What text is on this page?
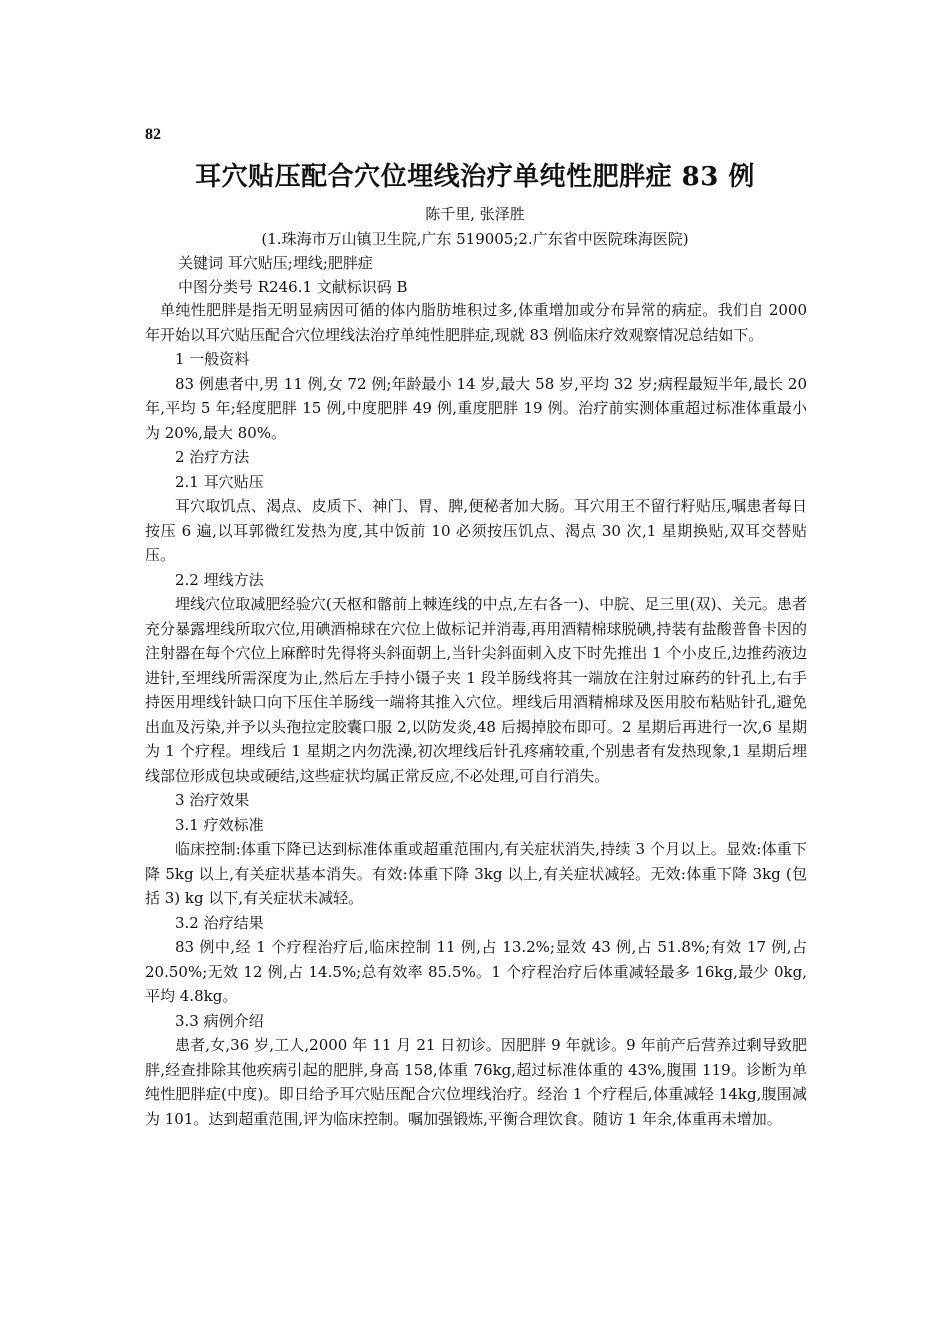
82
耳穴贴压配合穴位埋线治疗单纯性肥胖症 83 例
陈千里, 张泽胜
(1.珠海市万山镇卫生院,广东 519005;2.广东省中医院珠海医院)
关键词 耳穴贴压;埋线;肥胖症
中图分类号 R246.1 文献标识码 B

单纯性肥胖是指无明显病因可循的体内脂肪堆积过多,体重增加或分布异常的病症。我们自 2000 年开始以耳穴贴压配合穴位埋线法治疗单纯性肥胖症,现就 83 例临床疗效观察情况总结如下。

1 一般资料

83 例患者中,男 11 例,女 72 例;年龄最小 14 岁,最大 58 岁,平均 32 岁;病程最短半年,最长 20 年,平均 5 年;轻度肥胖 15 例,中度肥胖 49 例,重度肥胖 19 例。治疗前实测体重超过标准体重最小为 20%,最大 80%。

2 治疗方法

2.1 耳穴贴压

耳穴取饥点、渴点、皮质下、神门、胃、脾,便秘者加大肠。耳穴用王不留行籽贴压,嘱患者每日按压 6 遍,以耳郭微红发热为度,其中饭前 10 必须按压饥点、渴点 30 次,1 星期换贴,双耳交替贴压。

2.2 埋线方法

埋线穴位取减肥经验穴(天枢和髂前上棘连线的中点,左右各一)、中脘、足三里(双)、关元。患者充分暴露埋线所取穴位,用碘酒棉球在穴位上做标记并消毒,再用酒精棉球脱碘,持装有盐酸普鲁卡因的注射器在每个穴位上麻醉时先得将头斜面朝上,当针尖斜面刺入皮下时先推出 1 个小皮丘,边推药液边进针,至埋线所需深度为止,然后左手持小镊子夹 1 段羊肠线将其一端放在注射过麻药的针孔上,右手持医用埋线针缺口向下压住羊肠线一端将其推入穴位。埋线后用酒精棉球及医用胶布粘贴针孔,避免出血及污染,并予以头孢拉定胶囊口服 2,以防发炎,48 后揭掉胶布即可。2 星期后再进行一次,6 星期为 1 个疗程。埋线后 1 星期之内勿洗澡,初次埋线后针孔疼痛较重,个别患者有发热现象,1 星期后埋线部位形成包块或硬结,这些症状均属正常反应,不必处理,可自行消失。

3 治疗效果

3.1 疗效标准

临床控制:体重下降已达到标准体重或超重范围内,有关症状消失,持续 3 个月以上。显效:体重下降 5kg 以上,有关症状基本消失。有效:体重下降 3kg 以上,有关症状减轻。无效:体重下降 3kg (包括 3) kg 以下,有关症状未减轻。

3.2 治疗结果

83 例中,经 1 个疗程治疗后,临床控制 11 例,占 13.2%;显效 43 例,占 51.8%;有效 17 例,占 20.50%;无效 12 例,占 14.5%;总有效率 85.5%。1 个疗程治疗后体重减轻最多 16kg,最少 0kg,平均 4.8kg。

3.3 病例介绍

患者,女,36 岁,工人,2000 年 11 月 21 日初诊。因肥胖 9 年就诊。9 年前产后营养过剩导致肥胖,经查排除其他疾病引起的肥胖,身高 158,体重 76kg,超过标准体重的 43%,腹围 119。诊断为单纯性肥胖症(中度)。即日给予耳穴贴压配合穴位埋线治疗。经治 1 个疗程后,体重减轻 14kg,腹围减为 101。达到超重范围,评为临床控制。嘱加强锻炼,平衡合理饮食。随访 1 年余,体重再未增加。
